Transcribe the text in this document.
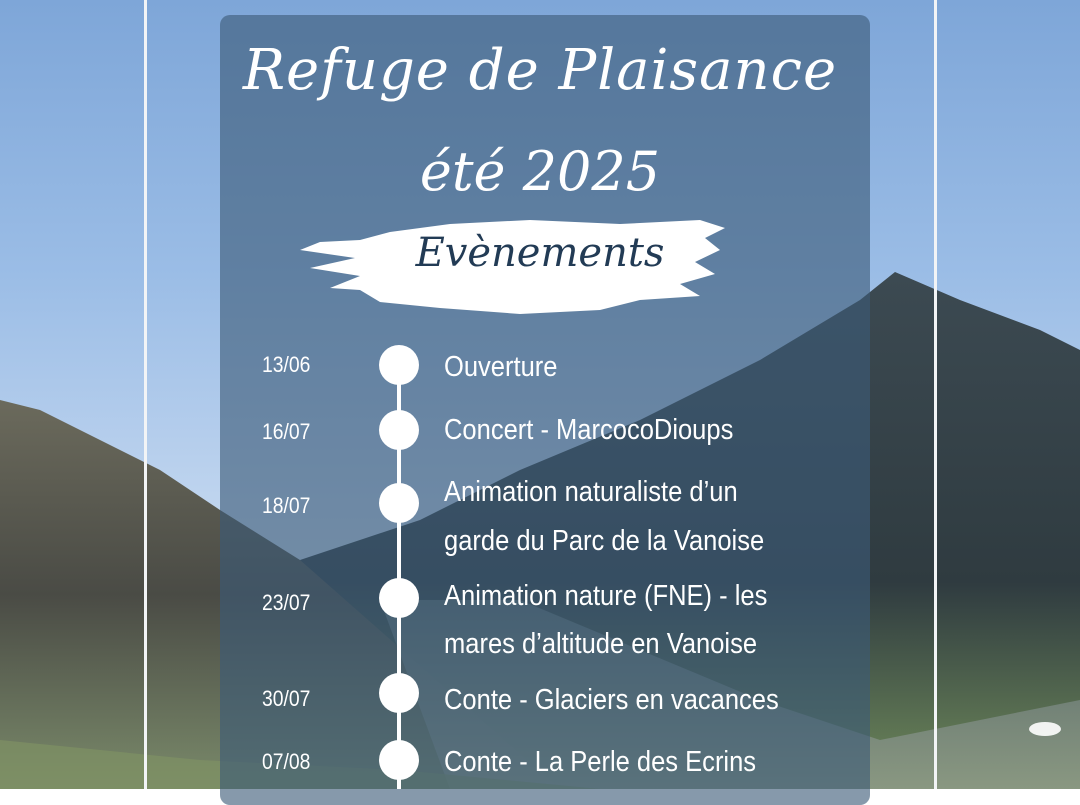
Refuge de Plaisance
été 2025
Evènements
13/06	Ouverture
16/07	Concert - MarcocoDioups
18/07	Animation naturaliste d’un
garde du Parc de la Vanoise
23/07	Animation nature (FNE) - les
mares d’altitude en Vanoise
30/07	Conte - Glaciers en vacances
07/08	Conte - La Perle des Ecrins
